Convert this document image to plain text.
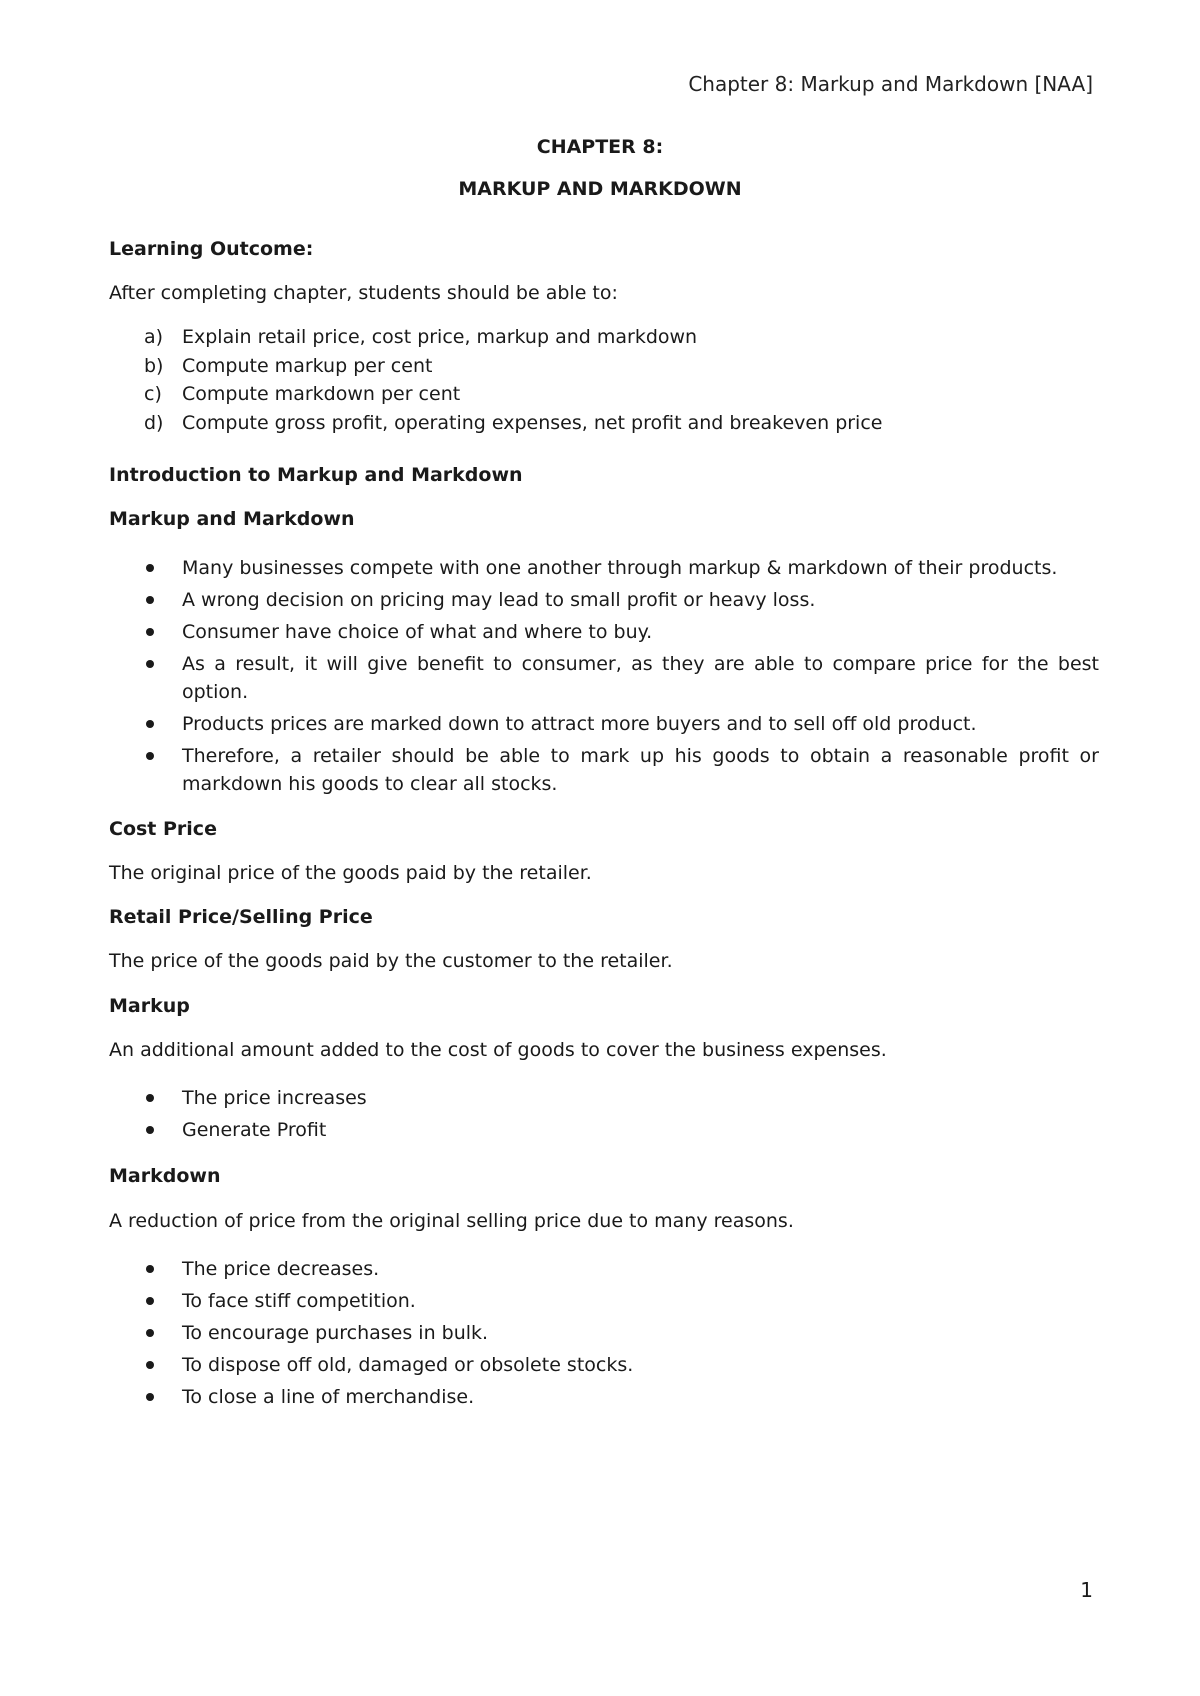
Chapter 8: Markup and Markdown [NAA]
CHAPTER 8:
MARKUP AND MARKDOWN
Learning Outcome:
After completing chapter, students should be able to:
a) Explain retail price, cost price, markup and markdown
b) Compute markup per cent
c) Compute markdown per cent
d) Compute gross profit, operating expenses, net profit and breakeven price
Introduction to Markup and Markdown
Markup and Markdown
Many businesses compete with one another through markup & markdown of their products.
A wrong decision on pricing may lead to small profit or heavy loss.
Consumer have choice of what and where to buy.
As a result, it will give benefit to consumer, as they are able to compare price for the best option.
Products prices are marked down to attract more buyers and to sell off old product.
Therefore, a retailer should be able to mark up his goods to obtain a reasonable profit or markdown his goods to clear all stocks.
Cost Price
The original price of the goods paid by the retailer.
Retail Price/Selling Price
The price of the goods paid by the customer to the retailer.
Markup
An additional amount added to the cost of goods to cover the business expenses.
The price increases
Generate Profit
Markdown
A reduction of price from the original selling price due to many reasons.
The price decreases.
To face stiff competition.
To encourage purchases in bulk.
To dispose off old, damaged or obsolete stocks.
To close a line of merchandise.
1
